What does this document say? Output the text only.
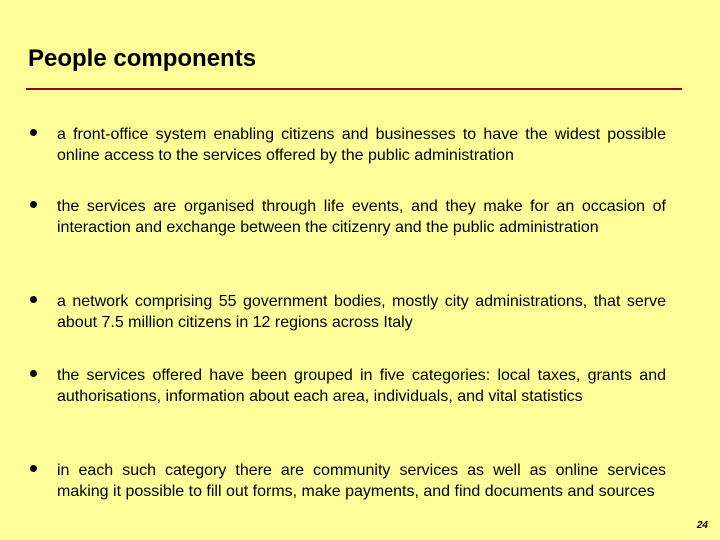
People components
a front-office system enabling citizens and businesses to have the widest possible online access to the services offered by the public administration
the services are organised through life events, and they make for an occasion of interaction and exchange between the citizenry and the public administration
a network comprising 55 government bodies, mostly city administrations, that serve about 7.5 million citizens in 12 regions across Italy
the services offered have been grouped in five categories: local taxes, grants and authorisations, information about each area, individuals, and vital statistics
in each such category there are community services as well as online services making it possible to fill out forms, make payments, and find documents and sources
24
